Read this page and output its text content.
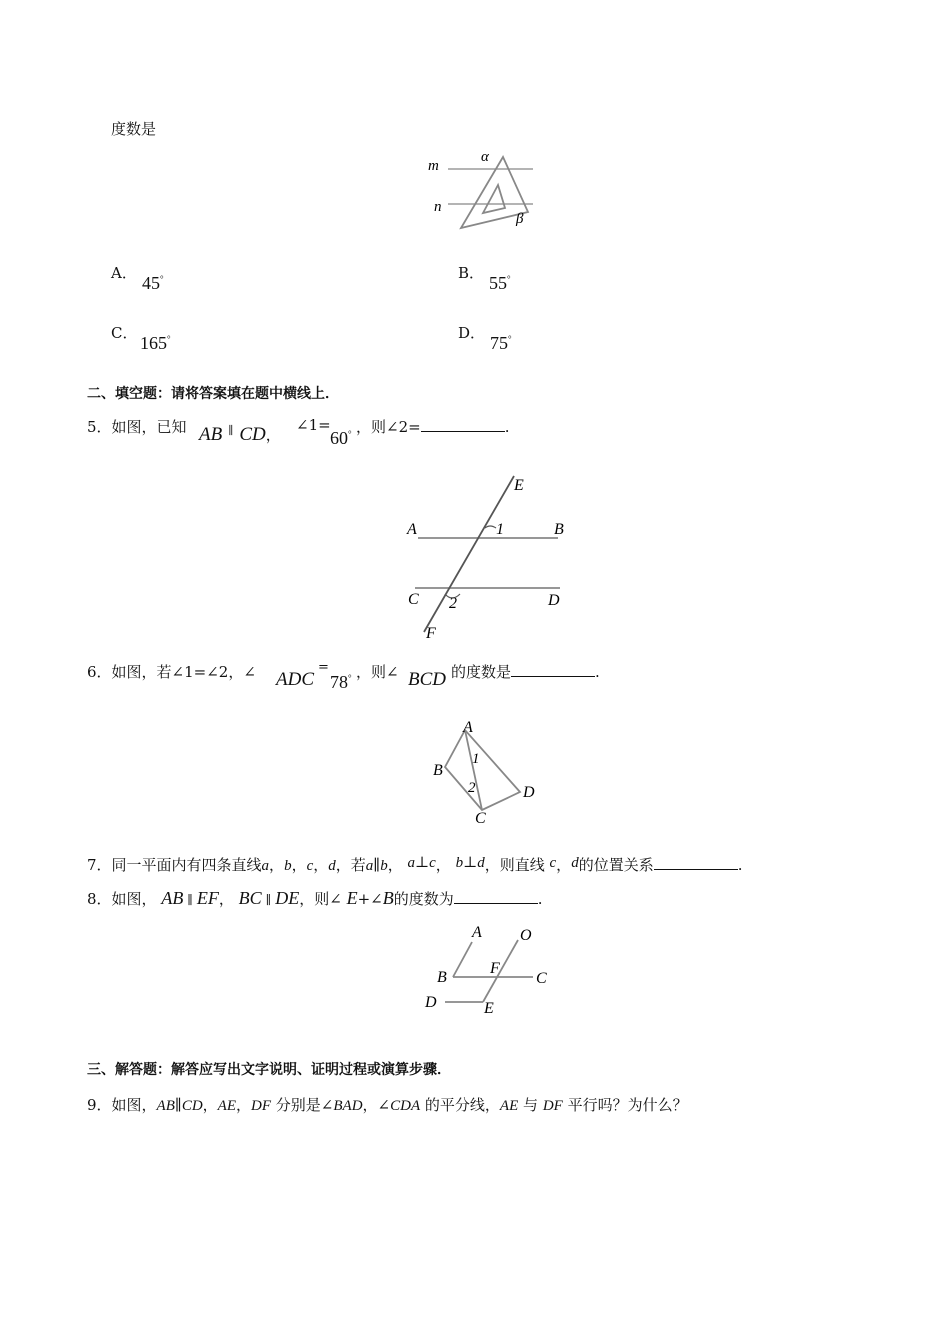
度数是
m
n
α
β
A． 45°	B． 55°
C． 165°	D． 75°
二、填空题：请将答案填在题中横线上．
5．如图，已知 AB ∥ CD，
∠1=
60° ，则∠2=	.
A	B
C	D
E
F
1
2
6．如图，若∠1=∠2，∠ ADC
=
78° ，则∠ BCD 的度数是	.
A
B
C
D
1
2
7．同一平面内有四条直线a，b，c，d，若a∥b， a⊥c， b⊥d，则直线 c，d的位置关系	.
8．如图， AB ∥ EF， BC ∥ DE，则∠ E+∠B的度数为	.
A
B	C
D	E
F
O
三、解答题：解答应写出文字说明、证明过程或演算步骤．
9．如图，AB∥CD，AE，DF 分别是∠BAD，∠CDA 的平分线，AE 与 DF 平行吗？为什么？
